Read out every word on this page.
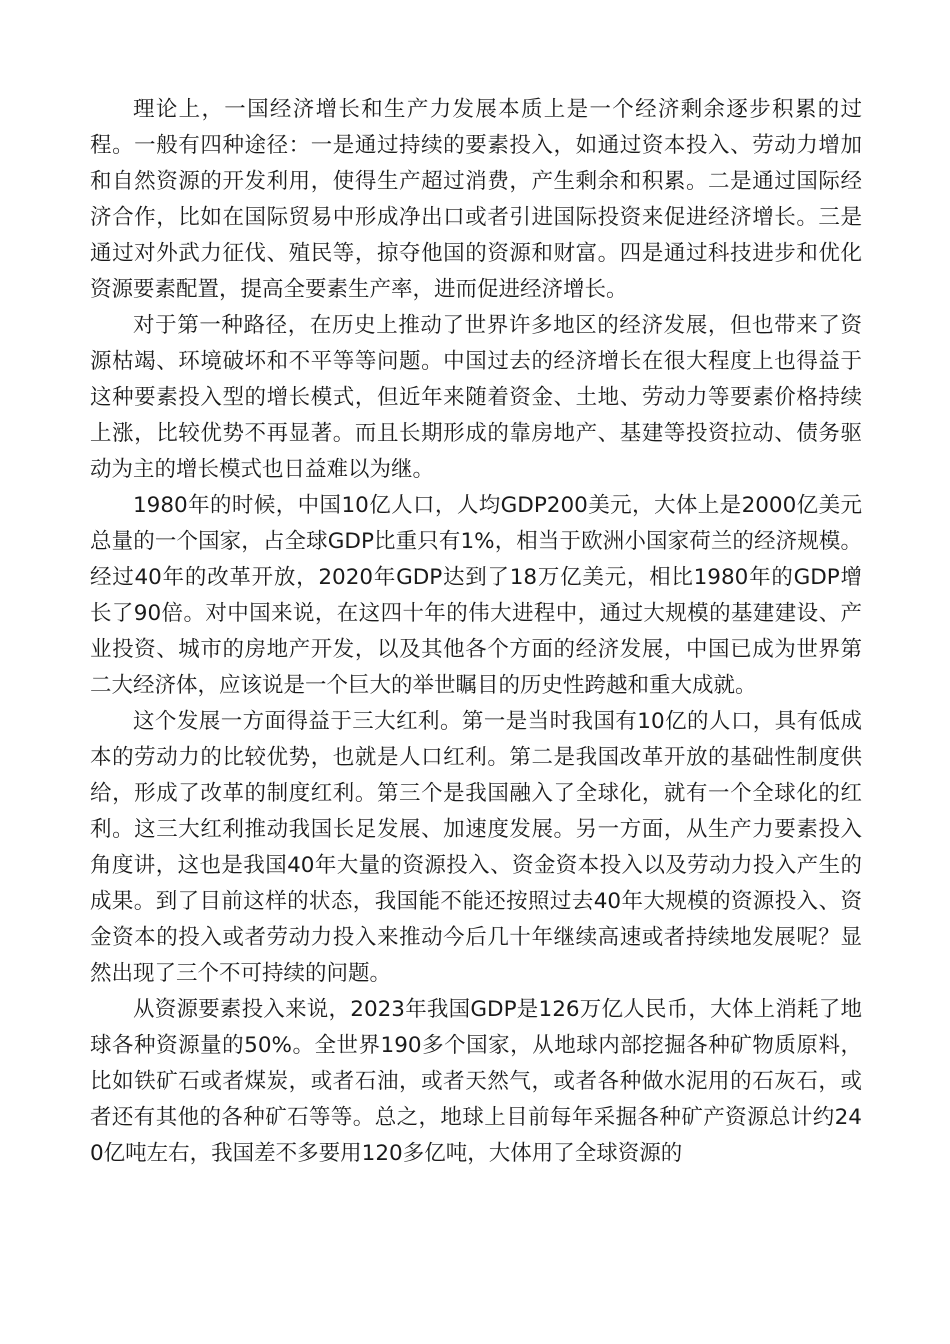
理论上，一国经济增长和生产力发展本质上是一个经济剩余逐步积累的过程。一般有四种途径：一是通过持续的要素投入，如通过资本投入、劳动力增加和自然资源的开发利用，使得生产超过消费，产生剩余和积累。二是通过国际经济合作，比如在国际贸易中形成净出口或者引进国际投资来促进经济增长。三是通过对外武力征伐、殖民等，掠夺他国的资源和财富。四是通过科技进步和优化资源要素配置，提高全要素生产率，进而促进经济增长。

对于第一种路径，在历史上推动了世界许多地区的经济发展，但也带来了资源枯竭、环境破坏和不平等等问题。中国过去的经济增长在很大程度上也得益于这种要素投入型的增长模式，但近年来随着资金、土地、劳动力等要素价格持续上涨，比较优势不再显著。而且长期形成的靠房地产、基建等投资拉动、债务驱动为主的增长模式也日益难以为继。

1980年的时候，中国10亿人口，人均GDP200美元，大体上是2000亿美元总量的一个国家，占全球GDP比重只有1%，相当于欧洲小国家荷兰的经济规模。经过40年的改革开放，2020年GDP达到了18万亿美元，相比1980年的GDP增长了90倍。对中国来说，在这四十年的伟大进程中，通过大规模的基建建设、产业投资、城市的房地产开发，以及其他各个方面的经济发展，中国已成为世界第二大经济体，应该说是一个巨大的举世瞩目的历史性跨越和重大成就。

这个发展一方面得益于三大红利。第一是当时我国有10亿的人口，具有低成本的劳动力的比较优势，也就是人口红利。第二是我国改革开放的基础性制度供给，形成了改革的制度红利。第三个是我国融入了全球化，就有一个全球化的红利。这三大红利推动我国长足发展、加速度发展。另一方面，从生产力要素投入角度讲，这也是我国40年大量的资源投入、资金资本投入以及劳动力投入产生的成果。到了目前这样的状态，我国能不能还按照过去40年大规模的资源投入、资金资本的投入或者劳动力投入来推动今后几十年继续高速或者持续地发展呢？显然出现了三个不可持续的问题。

从资源要素投入来说，2023年我国GDP是126万亿人民币，大体上消耗了地球各种资源量的50%。全世界190多个国家，从地球内部挖掘各种矿物质原料，比如铁矿石或者煤炭，或者石油，或者天然气，或者各种做水泥用的石灰石，或者还有其他的各种矿石等等。总之，地球上目前每年采掘各种矿产资源总计约240亿吨左右，我国差不多要用120多亿吨，大体用了全球资源的
